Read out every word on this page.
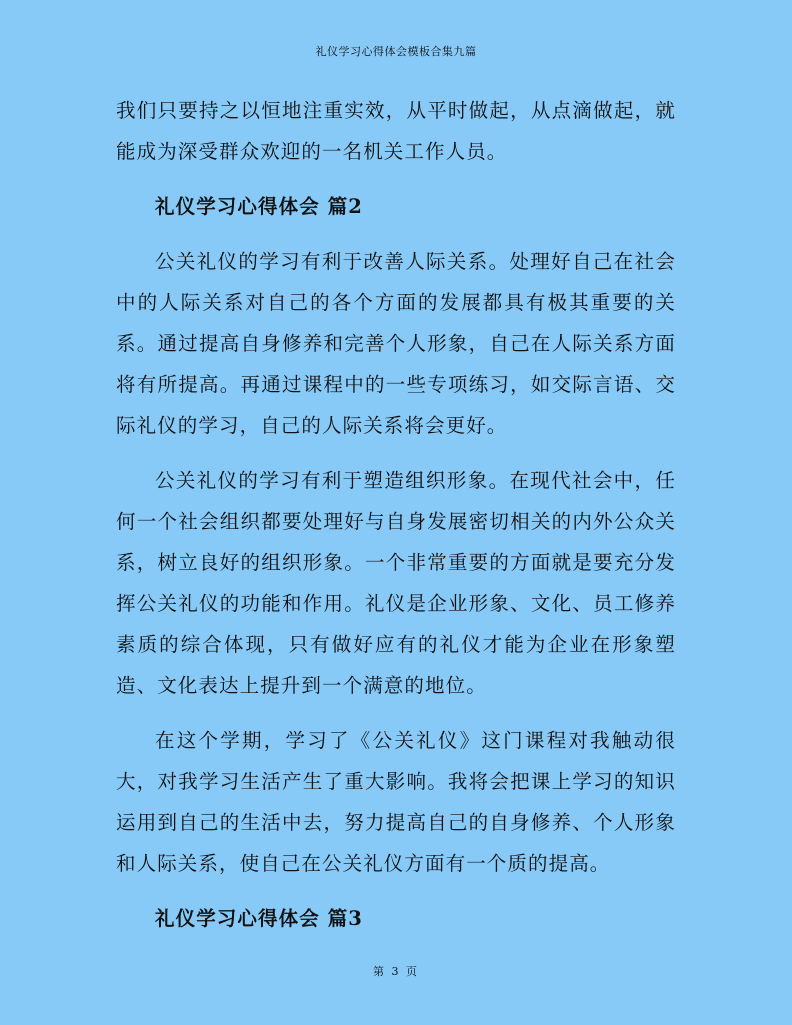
礼仪学习心得体会模板合集九篇

我们只要持之以恒地注重实效，从平时做起，从点滴做起，就能成为深受群众欢迎的一名机关工作人员。

礼仪学习心得体会 篇2

公关礼仪的学习有利于改善人际关系。处理好自己在社会中的人际关系对自己的各个方面的发展都具有极其重要的关系。通过提高自身修养和完善个人形象，自己在人际关系方面将有所提高。再通过课程中的一些专项练习，如交际言语、交际礼仪的学习，自己的人际关系将会更好。

公关礼仪的学习有利于塑造组织形象。在现代社会中，任何一个社会组织都要处理好与自身发展密切相关的内外公众关系，树立良好的组织形象。一个非常重要的方面就是要充分发挥公关礼仪的功能和作用。礼仪是企业形象、文化、员工修养素质的综合体现，只有做好应有的礼仪才能为企业在形象塑造、文化表达上提升到一个满意的地位。

在这个学期，学习了《公关礼仪》这门课程对我触动很大，对我学习生活产生了重大影响。我将会把课上学习的知识运用到自己的生活中去，努力提高自己的自身修养、个人形象和人际关系，使自己在公关礼仪方面有一个质的提高。

礼仪学习心得体会 篇3
第 3 页
